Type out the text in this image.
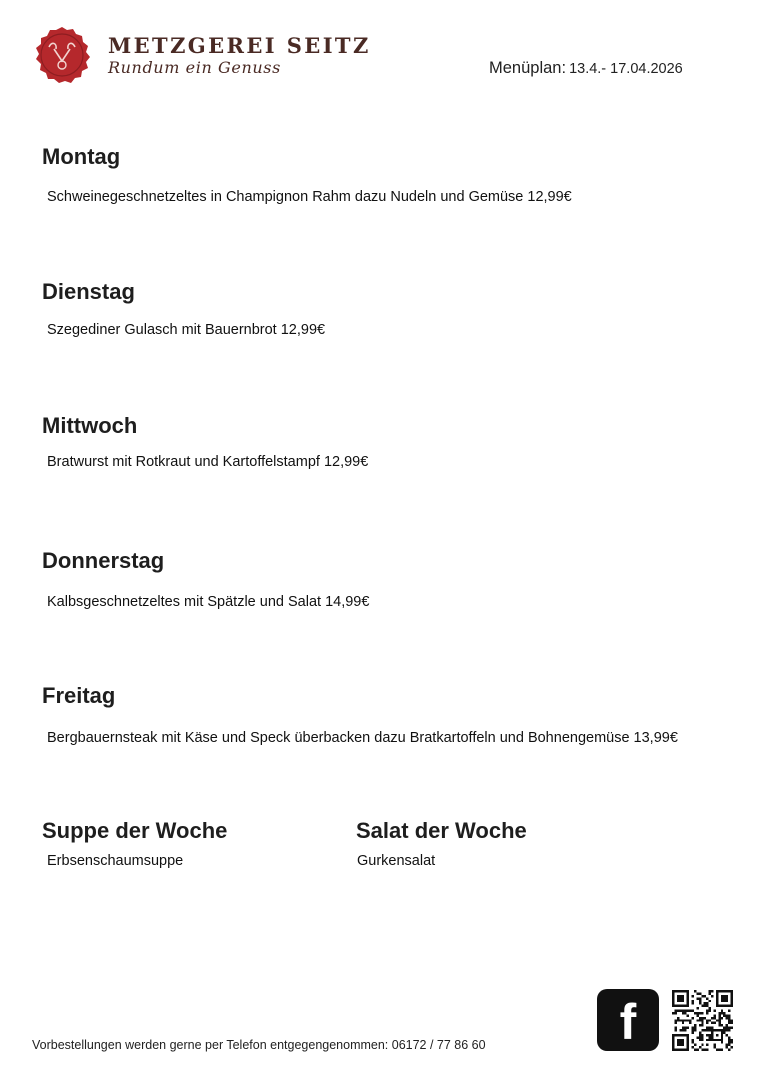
METZGEREI SEITZ
Rundum ein Genuss	Menüplan: 13.4.- 17.04.2026
Montag
Schweinegeschnetzeltes in Champignon Rahm dazu Nudeln und Gemüse 12,99€
Dienstag
Szegediner Gulasch mit Bauernbrot 12,99€
Mittwoch
Bratwurst mit Rotkraut und Kartoffelstampf 12,99€
Donnerstag
Kalbsgeschnetzeltes mit Spätzle und Salat 14,99€
Freitag
Bergbauernsteak mit Käse und Speck überbacken dazu Bratkartoffeln und Bohnengemüse 13,99€
Suppe der Woche
Erbsenschaumsuppe
Salat der Woche
Gurkensalat
Vorbestellungen werden gerne per Telefon entgegengenommen: 06172 / 77 86 60	f
